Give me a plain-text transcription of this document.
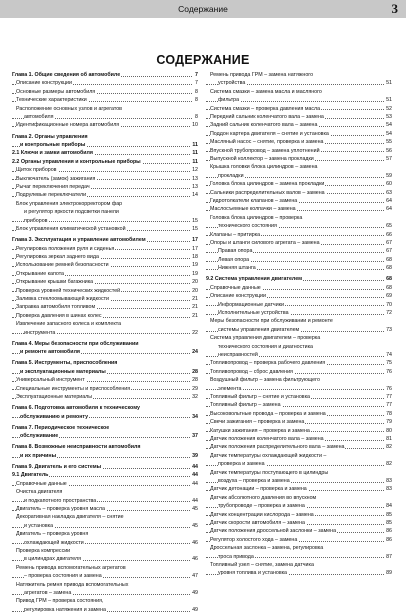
Содержание	3
СОДЕРЖАНИЕ
Глава 1. Общие сведения об автомобиле	7
Описание конструкции	7
Основные размеры автомобиля	8
Технические характеристики	8
Расположение основных узлов и агрегатов
автомобиля	8
Идентификационные номера автомобиля	10
Глава 2. Органы управления
и контрольные приборы	11
2.1 Ключи и замки автомобиля	11
2.2 Органы управления и контрольные приборы	11
Щиток приборов	12
Выключатель (замок) зажигания	13
Рычаг переключения передач	13
Подрулевые переключатели	14
Блок управления электрокорректором фар
и регулятор яркости подсветки панели
приборов	15
Блок управления климатической установкой	15
Глава 3. Эксплуатация и управление автомобилем	17
Регулировка положения руля и сиденья	17
Регулировка зеркал заднего вида	18
Использование ремней безопасности	19
Открывание капота	19
Открывание крышки багажника	20
Проверка уровней технических жидкостей	20
Заливка стеклоомывающей жидкости	21
Заправка автомобиля топливом	21
Проверка давления в шинах колес	21
Извлечение запасного колеса и комплекта
инструмента	22
Глава 4. Меры безопасности при обслуживании
и ремонте автомобиля	24
Глава 5. Инструменты, приспособления
и эксплуатационные материалы	28
Универсальный инструмент	28
Специальные инструменты и приспособления	29
Эксплуатационные материалы	32
Глава 6. Подготовка автомобиля к техническому
обслуживанию и ремонту	34
Глава 7. Периодическое техническое
обслуживание	37
Глава 8. Возможные неисправности автомобиля
и их причины	39
Глава 9. Двигатель и его системы	44
9.1 Двигатель	44
Справочные данные	44
Очистка двигателя
и подкапотного пространства	44
Двигатель – проверка уровня масла	45
Декоративная накладка двигателя – снятие
и установка	45
Двигатель – проверка уровня
охлаждающей жидкости	46
Проверка компрессии
в цилиндрах двигателя	46
Ремень привода вспомогательных агрегатов
– проверка состояния и замена	47
Натяжитель ремня привода вспомогательных
агрегатов – замена	49
Привод ГРМ – проверка состояния,
регулировка натяжения и замена	49
Ремень привода ГРМ – замена натяжного
устройства	51
Система смазки – замена масла и масляного
фильтра	51
Система смазки – проверка давления масла	52
Передний сальник коленчатого вала – замена	53
Задний сальник коленчатого вала – замена	54
Поддон картера двигателя – снятие и установка	54
Масляный насос – снятие, проверка и замена	55
Впускной трубопровод – замена уплотнений	56
Выпускной коллектор – замена прокладки	57
Крышка головки блока цилиндров – замена
прокладки	59
Головка блока цилиндров – замена прокладки	60
Сальники распределительных валов – замена	63
Гидротолкатели клапанов – замена	64
Маслосъемные колпачки – замена	64
Головка блока цилиндров – проверка
технического состояния	65
Клапаны – притирка	66
Опоры и штанги силового агрегата – замена	67
Правая опора	67
Левая опора	68
Нижняя штанга	68
9.2 Система управления двигателем	68
Справочные данные	68
Описание конструкции	69
Информационные датчики	70
Исполнительные устройства	72
Меры безопасности при обслуживании и ремонте
системы управления двигателем	73
Система управления двигателем – проверка
технического состояния и диагностика
неисправностей	74
Топливопровод – проверка рабочего давления	75
Топливопровод – сброс давления	76
Воздушный фильтр – замена фильтрующего
элемента	76
Топливный фильтр – снятие и установка	77
Топливный фильтр – замена	77
Высоковольтные провода – проверка и замена	78
Свечи зажигания – проверка и замена	79
Катушки зажигания – проверка и замена	80
Датчик положения коленчатого вала – замена	81
Датчик положения распределительного вала – замена	82
Датчик температуры охлаждающей жидкости –
проверка и замена	82
Датчик температуры поступающего в цилиндры
воздуха – проверка и замена	83
Датчик детонации – проверка и замена	83
Датчик абсолютного давления во впускном
трубопроводе – проверка и замена	84
Датчик концентрации кислорода – замена	85
Датчик скорости автомобиля – замена	85
Датчик положения дроссельной заслонки – замена	86
Регулятор холостого хода – замена	86
Дроссельная заслонка – замена, регулировка
троса привода	87
Топливный узел – снятие, замена датчика
уровня топлива и установка	89
